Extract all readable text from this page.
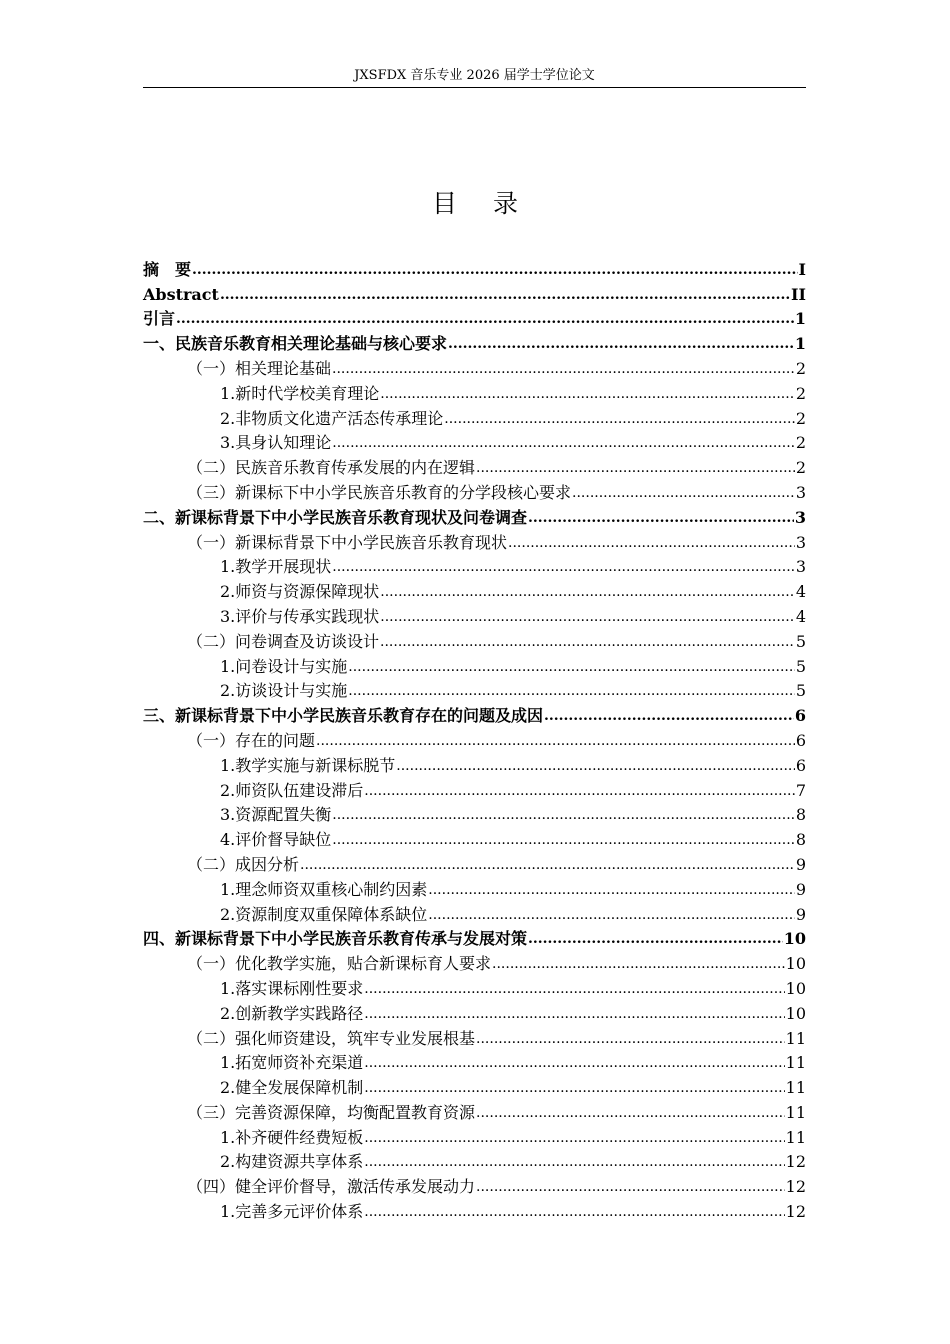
JXSFDX 音乐专业 2026 届学士学位论文
目 录
摘　要 .....	I
Abstract .....	II
引言 .....	1
一、民族音乐教育相关理论基础与核心要求 .....	1
（一）相关理论基础 .....	2
1.新时代学校美育理论 .....	2
2.非物质文化遗产活态传承理论 .....	2
3.具身认知理论 .....	2
（二）民族音乐教育传承发展的内在逻辑 .....	2
（三）新课标下中小学民族音乐教育的分学段核心要求 .....	3
二、新课标背景下中小学民族音乐教育现状及问卷调查 .....	3
（一）新课标背景下中小学民族音乐教育现状 .....	3
1.教学开展现状 .....	3
2.师资与资源保障现状 .....	4
3.评价与传承实践现状 .....	4
（二）问卷调查及访谈设计 .....	5
1.问卷设计与实施 .....	5
2.访谈设计与实施 .....	5
三、新课标背景下中小学民族音乐教育存在的问题及成因 .....	6
（一）存在的问题 .....	6
1.教学实施与新课标脱节 .....	6
2.师资队伍建设滞后 .....	7
3.资源配置失衡 .....	8
4.评价督导缺位 .....	8
（二）成因分析 .....	9
1.理念师资双重核心制约因素 .....	9
2.资源制度双重保障体系缺位 .....	9
四、新课标背景下中小学民族音乐教育传承与发展对策 .....	10
（一）优化教学实施，贴合新课标育人要求 .....	10
1.落实课标刚性要求 .....	10
2.创新教学实践路径 .....	10
（二）强化师资建设，筑牢专业发展根基 .....	11
1.拓宽师资补充渠道 .....	11
2.健全发展保障机制 .....	11
（三）完善资源保障，均衡配置教育资源 .....	11
1.补齐硬件经费短板 .....	11
2.构建资源共享体系 .....	12
（四）健全评价督导，激活传承发展动力 .....	12
1.完善多元评价体系 .....	12
